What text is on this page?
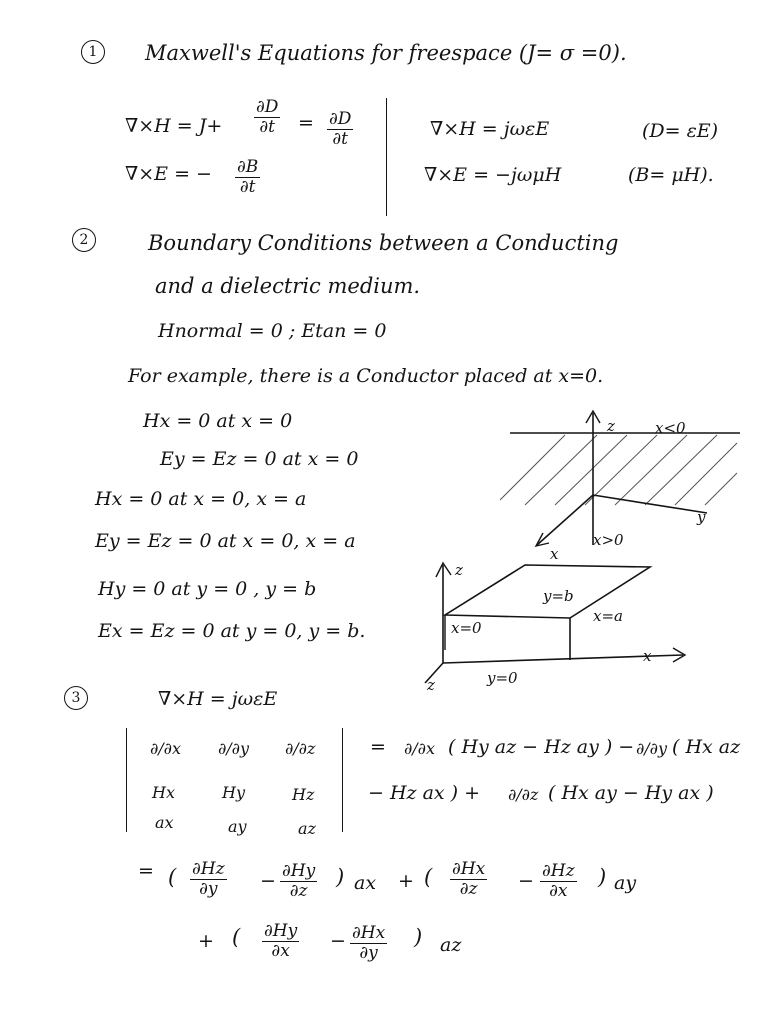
1	Maxwell's Equations for freespace (J= σ =0).
$\nabla\times H = J+ \frac{\partial D}{\partial t} = \frac{\partial D}{\partial t}$
∇×E = − $\frac{\partial B}{\partial t}$
∇×H = jωεE
∇×E = −jωμH
(D= εE)
(B= μH).
2	Boundary Conditions between a Conducting
and a dielectric medium.
Hnormal = 0 ; Etan = 0
For example, there is a Conductor placed at x=0.
Hx = 0 at x = 0
Ey = Ez = 0 at x = 0
Hx = 0 at x = 0, x = a
Ey = Ez = 0 at x = 0, x = a
Hy = 0 at y = 0 , y = b
Ex = Ez = 0 at y = 0, y = b.
z	x<0
y
x
x>0
z
y=b
x=a
x=0
x
y=0
z
3	∇×H = jωεE
∂/∂x ∂/∂y ∂/∂z
Hx	Hy	Hz
ax	ay	az
= ∂/∂x ( Hy az − Hz ay ) − ∂/∂y ( Hx az
− Hz ax ) + ∂/∂z ( Hx ay − Hy ax )
= ( $\frac{\partial Hz}{\partial y} - \frac{\partial Hy}{\partial z}$ ) ax + ( $\frac{\partial Hx}{\partial z} - \frac{\partial Hz}{\partial x}$ ) ay
+ ( $\frac{\partial Hy}{\partial x} - \frac{\partial Hx}{\partial y}$ ) az
